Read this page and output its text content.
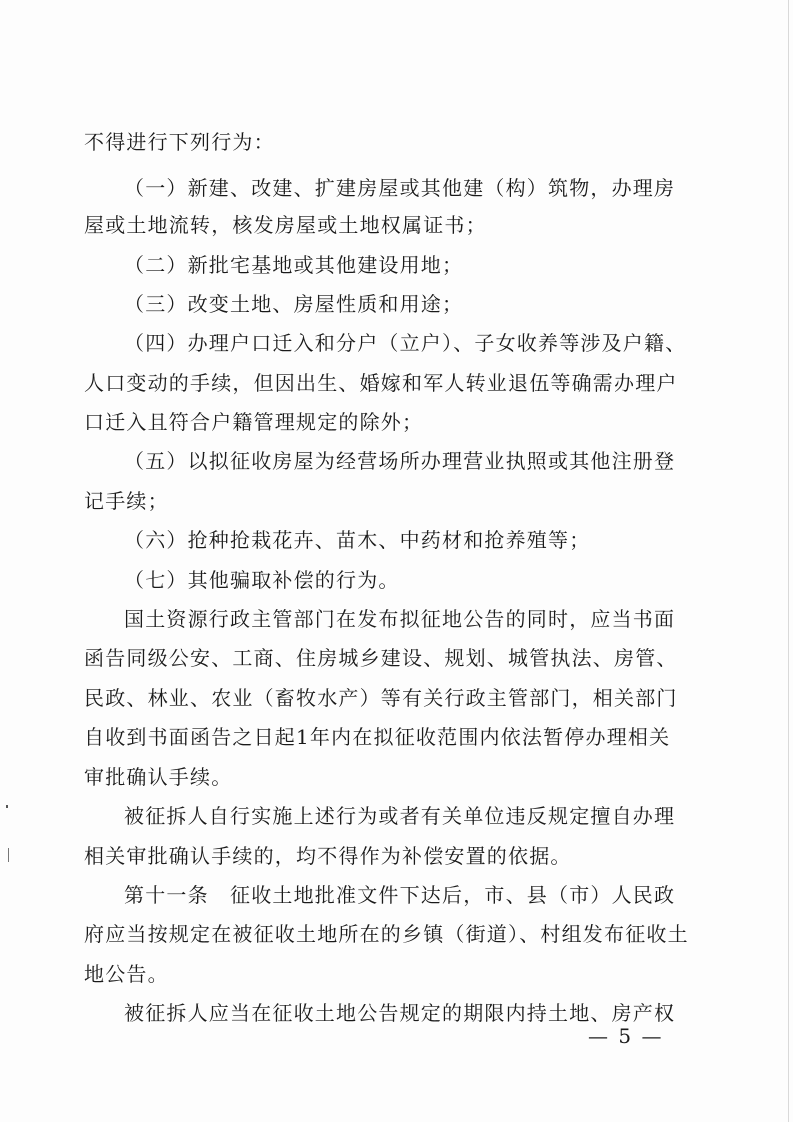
不得进行下列行为：
（一）新建、改建、扩建房屋或其他建（构）筑物，办理房
屋或土地流转，核发房屋或土地权属证书；
（二）新批宅基地或其他建设用地；
（三）改变土地、房屋性质和用途；
（四）办理户口迁入和分户（立户）、子女收养等涉及户籍、
人口变动的手续，但因出生、婚嫁和军人转业退伍等确需办理户
口迁入且符合户籍管理规定的除外；
（五）以拟征收房屋为经营场所办理营业执照或其他注册登
记手续；
（六）抢种抢栽花卉、苗木、中药材和抢养殖等；
（七）其他骗取补偿的行为。
国土资源行政主管部门在发布拟征地公告的同时，应当书面
函告同级公安、工商、住房城乡建设、规划、城管执法、房管、
民政、林业、农业（畜牧水产）等有关行政主管部门，相关部门
自收到书面函告之日起1年内在拟征收范围内依法暂停办理相关
审批确认手续。
被征拆人自行实施上述行为或者有关单位违反规定擅自办理
相关审批确认手续的，均不得作为补偿安置的依据。
第十一条　征收土地批准文件下达后，市、县（市）人民政
府应当按规定在被征收土地所在的乡镇（街道）、村组发布征收土
地公告。
被征拆人应当在征收土地公告规定的期限内持土地、房产权
— 5 —
